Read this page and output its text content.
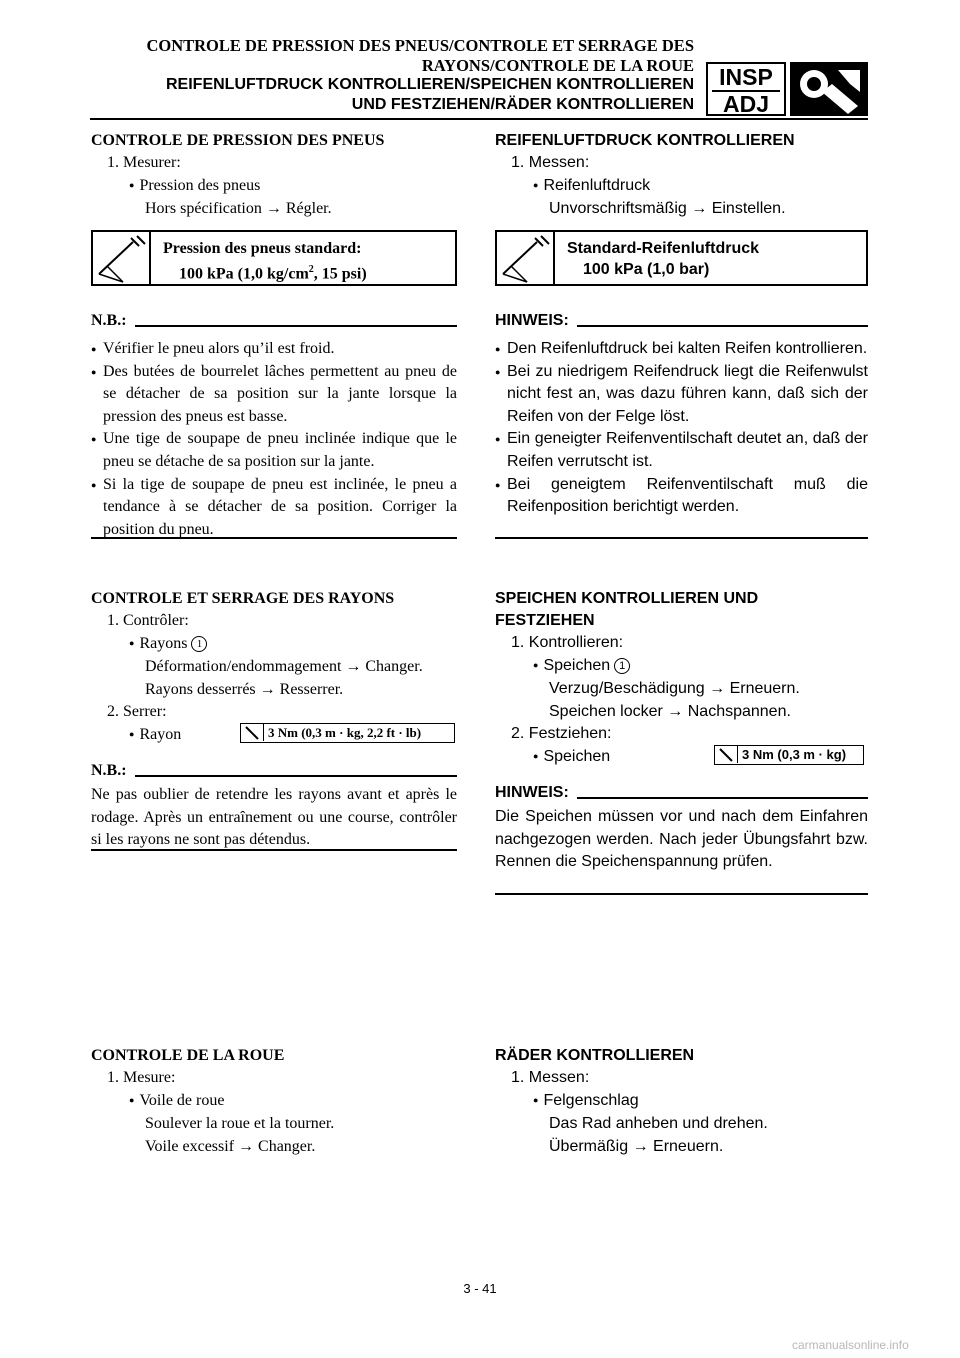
CONTROLE DE PRESSION DES PNEUS/CONTROLE ET SERRAGE DES
RAYONS/CONTROLE DE LA ROUE
REIFENLUFTDRUCK KONTROLLIEREN/SPEICHEN KONTROLLIEREN
UND FESTZIEHEN/RÄDER KONTROLLIEREN
INSP
ADJ
CONTROLE DE PRESSION DES PNEUS
1. Mesurer:
● Pression des pneus
Hors spécification → Régler.
Pression des pneus standard:
100 kPa (1,0 $kg/cm^2$, 15 psi)
N.B.:
● Vérifier le pneu alors qu’il est froid.
● Des butées de bourrelet lâches permettent au pneu de se détacher de sa position sur la jante lorsque la pression des pneus est basse.
● Une tige de soupape de pneu inclinée indique que le pneu se détache de sa position sur la jante.
● Si la tige de soupape de pneu est inclinée, le pneu a tendance à se détacher de sa position. Corriger la position du pneu.
REIFENLUFTDRUCK KONTROLLIEREN
1. Messen:
● Reifenluftdruck
Unvorschriftsmäßig → Einstellen.
Standard-Reifenluftdruck
100 kPa (1,0 bar)
HINWEIS:
● Den Reifenluftdruck bei kalten Reifen kontrollieren.
● Bei zu niedrigem Reifendruck liegt die Reifenwulst nicht fest an, was dazu führen kann, daß sich der Reifen von der Felge löst.
● Ein geneigter Reifenventilschaft deutet an, daß der Reifen verrutscht ist.
● Bei geneigtem Reifenventilschaft muß die Reifenposition berichtigt werden.
CONTROLE ET SERRAGE DES RAYONS
1. Contrôler:
● Rayons 1
Déformation/endommagement → Changer.
Rayons desserrés → Resserrer.
2. Serrer:
● Rayon	3 Nm (0,3 m · kg, 2,2 ft · lb)
N.B.:

Ne pas oublier de retendre les rayons avant et après le rodage. Après un entraînement ou une course, contrôler si les rayons ne sont pas détendus.

SPEICHEN KONTROLLIEREN UND
FESTZIEHEN
1. Kontrollieren:
● Speichen 1
Verzug/Beschädigung → Erneuern.
Speichen locker → Nachspannen.
2. Festziehen:
● Speichen	3 Nm (0,3 m · kg)
HINWEIS:

Die Speichen müssen vor und nach dem Einfahren nachgezogen werden. Nach jeder Übungsfahrt bzw. Rennen die Speichenspannung prüfen.

CONTROLE DE LA ROUE
1. Mesure:
● Voile de roue
Soulever la roue et la tourner.
Voile excessif → Changer.
RÄDER KONTROLLIEREN
1. Messen:
● Felgenschlag
Das Rad anheben und drehen.
Übermäßig → Erneuern.
3 - 41
carmanualsonline.info
